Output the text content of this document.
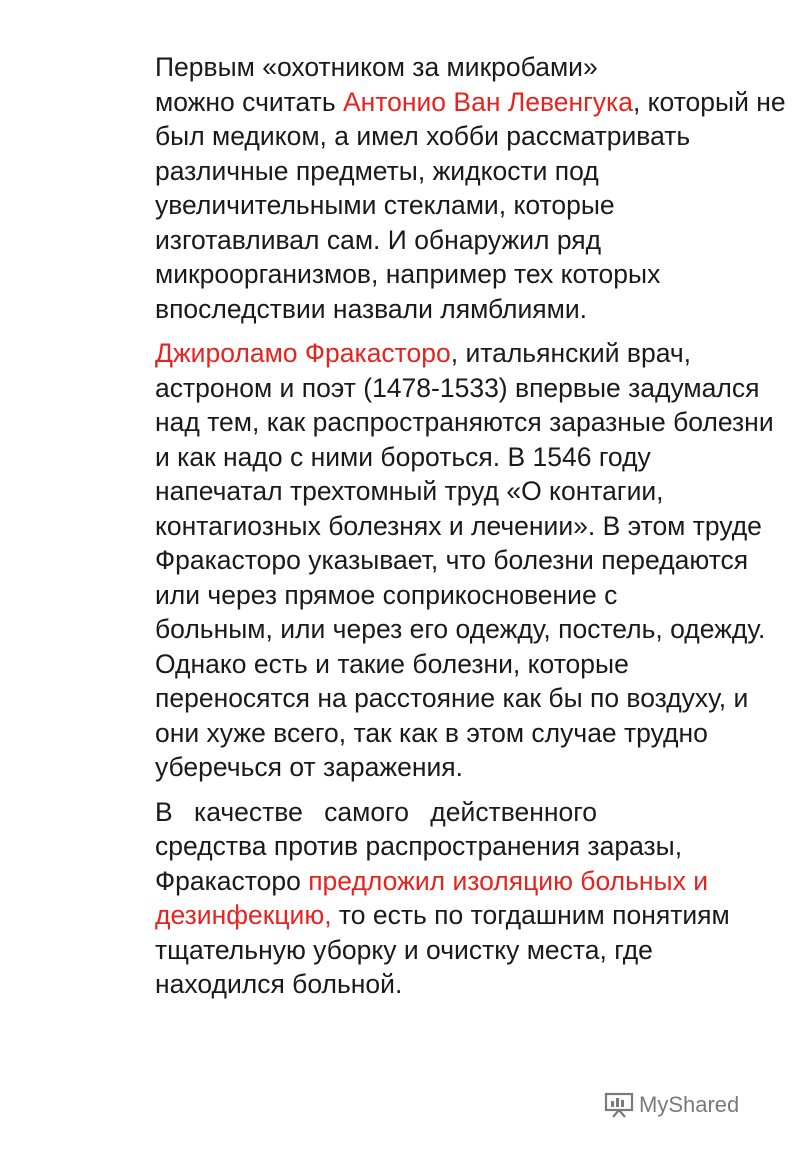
Первым «охотником за микробами»
можно считать Антонио Ван Левенгука, который не
был медиком, а имел хобби рассматривать
различные предметы, жидкости под
увеличительными стеклами, которые
изготавливал сам. И обнаружил ряд
микроорганизмов, например тех которых
впоследствии назвали лямблиями.

Джироламо Фракасторо, итальянский врач,
астроном и поэт (1478-1533) впервые задумался
над тем, как распространяются заразные болезни
и как надо с ними бороться. В 1546 году
напечатал трехтомный труд «О контагии,
контагиозных болезнях и лечении». В этом труде
Фракасторо указывает, что болезни передаются
или через прямое соприкосновение с
больным, или через его одежду, постель, одежду.
Однако есть и такие болезни, которые
переносятся на расстояние как бы по воздуху, и
они хуже всего, так как в этом случае трудно
уберечься от заражения.

В качестве самого действенного
средства против распространения заразы,
Фракасторо предложил изоляцию больных и
дезинфекцию, то есть по тогдашним понятиям
тщательную уборку и очистку места, где
находился больной.

MyShared
